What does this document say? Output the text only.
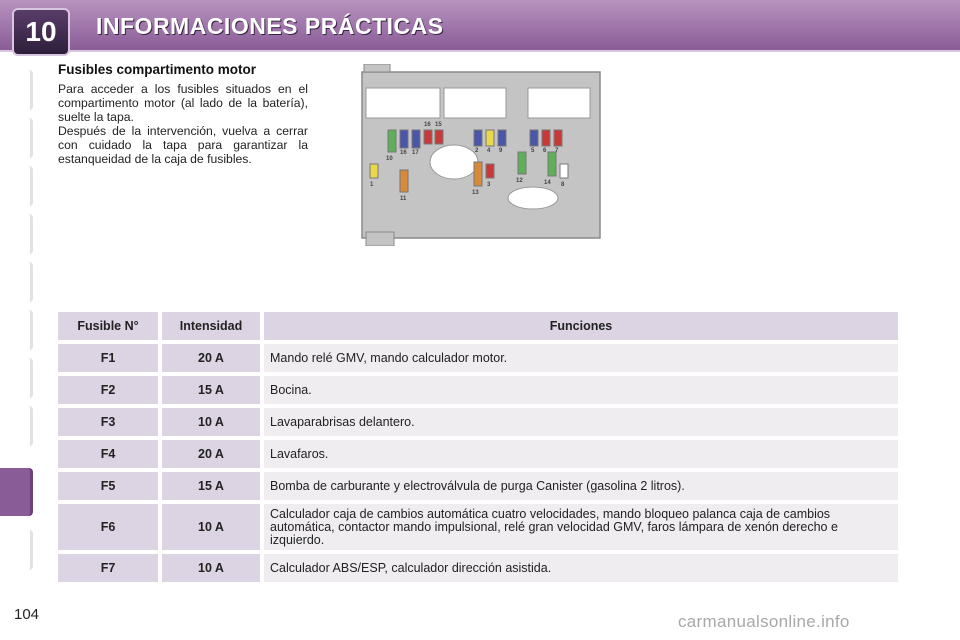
10	INFORMACIONES PRÁCTICAS
Fusibles compartimento motor
Para acceder a los fusibles situados en el compartimento motor (al lado de la batería), suelte la tapa.
Después de la intervención, vuelva a cerrar con cuidado la tapa para garantizar la estanqueidad de la caja de fusibles.
1
10
16 17
16 15
2 4 9
3
13
11
5 6 7
12	14 8
Fusible N°	Intensidad	Funciones
F1	20 A	Mando relé GMV, mando calculador motor.
F2	15 A	Bocina.
F3	10 A	Lavaparabrisas delantero.
F4	20 A	Lavafaros.
F5	15 A	Bomba de carburante y electroválvula de purga Canister (gasolina 2 litros).
F6	10 A	Calculador caja de cambios automática cuatro velocidades, mando bloqueo palanca caja de cambios automática, contactor mando impulsional, relé gran velocidad GMV, faros lámpara de xenón derecho e izquierdo.
F7	10 A	Calculador ABS/ESP, calculador dirección asistida.
104	carmanualsonline.info
